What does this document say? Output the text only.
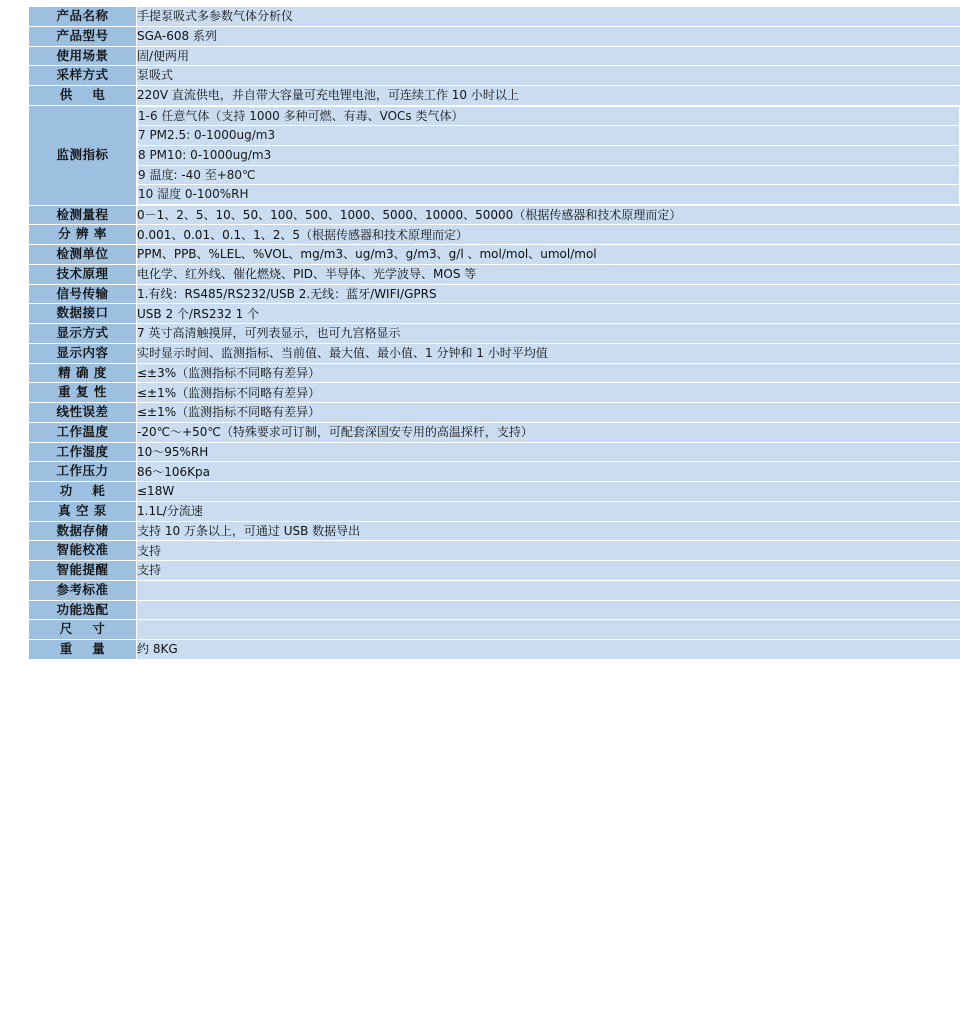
产品名称	手提泵吸式多参数气体分析仪
产品型号	SGA-608 系列
使用场景	固/便两用
采样方式	泵吸式
供    电	220V 直流供电，并自带大容量可充电锂电池，可连续工作 10 小时以上
监测指标	
1-6 任意气体（支持 1000 多种可燃、有毒、VOCs 类气体）
7 PM2.5: 0-1000ug/m3
8 PM10: 0-1000ug/m3
9 温度: -40 至+80℃
10 湿度 0-100%RH

检测量程	0－1、2、5、10、50、100、500、1000、5000、10000、50000（根据传感器和技术原理而定）
分 辨 率	0.001、0.01、0.1、1、2、5（根据传感器和技术原理而定）
检测单位	PPM、PPB、%LEL、%VOL、mg/m3、ug/m3、g/m3、g/l 、mol/mol、umol/mol
技术原理	电化学、红外线、催化燃烧、PID、半导体、光学波导、MOS 等
信号传输	1.有线：RS485/RS232/USB 2.无线：蓝牙/WIFI/GPRS
数据接口	USB 2 个/RS232 1 个
显示方式	7 英寸高清触摸屏，可列表显示，也可九宫格显示
显示内容	实时显示时间、监测指标、当前值、最大值、最小值、1 分钟和 1 小时平均值
精 确 度	≤±3%（监测指标不同略有差异）
重 复 性	≤±1%（监测指标不同略有差异）
线性误差	≤±1%（监测指标不同略有差异）
工作温度	-20℃～+50℃（特殊要求可订制，可配套深国安专用的高温探杆，支持）
工作湿度	10～95%RH
工作压力	86～106Kpa
功    耗	≤18W
真 空 泵	1.1L/分流速
数据存储	支持 10 万条以上，可通过 USB 数据导出
智能校准	支持
智能提醒	支持
参考标准	
功能选配	

尺    寸	

重    量	约 8KG
